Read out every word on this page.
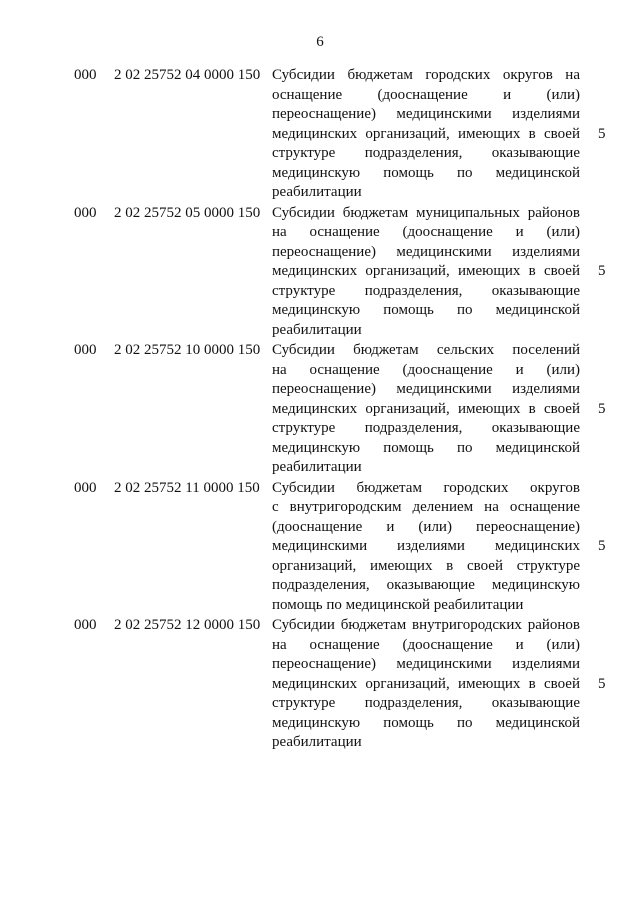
6
000 2 02 25752 04 0000 150 Субсидии бюджетам городских округов на
оснащение (дооснащение и (или)
переоснащение) медицинскими изделиями
медицинских организаций, имеющих в своей
структуре подразделения, оказывающие
медицинскую помощь по медицинской
реабилитации
5
000 2 02 25752 05 0000 150 Субсидии бюджетам муниципальных районов
на оснащение (дооснащение и (или)
переоснащение) медицинскими изделиями
медицинских организаций, имеющих в своей
структуре подразделения, оказывающие
медицинскую помощь по медицинской
реабилитации
5
000 2 02 25752 10 0000 150 Субсидии бюджетам сельских поселений
на оснащение (дооснащение и (или)
переоснащение) медицинскими изделиями
медицинских организаций, имеющих в своей
структуре подразделения, оказывающие
медицинскую помощь по медицинской
реабилитации
5
000 2 02 25752 11 0000 150 Субсидии бюджетам городских округов
с внутригородским делением на оснащение
(дооснащение и (или) переоснащение)
медицинскими изделиями медицинских
организаций, имеющих в своей структуре
подразделения, оказывающие медицинскую
помощь по медицинской реабилитации
5
000 2 02 25752 12 0000 150 Субсидии бюджетам внутригородских районов
на оснащение (дооснащение и (или)
переоснащение) медицинскими изделиями
медицинских организаций, имеющих в своей
структуре подразделения, оказывающие
медицинскую помощь по медицинской
реабилитации
5
